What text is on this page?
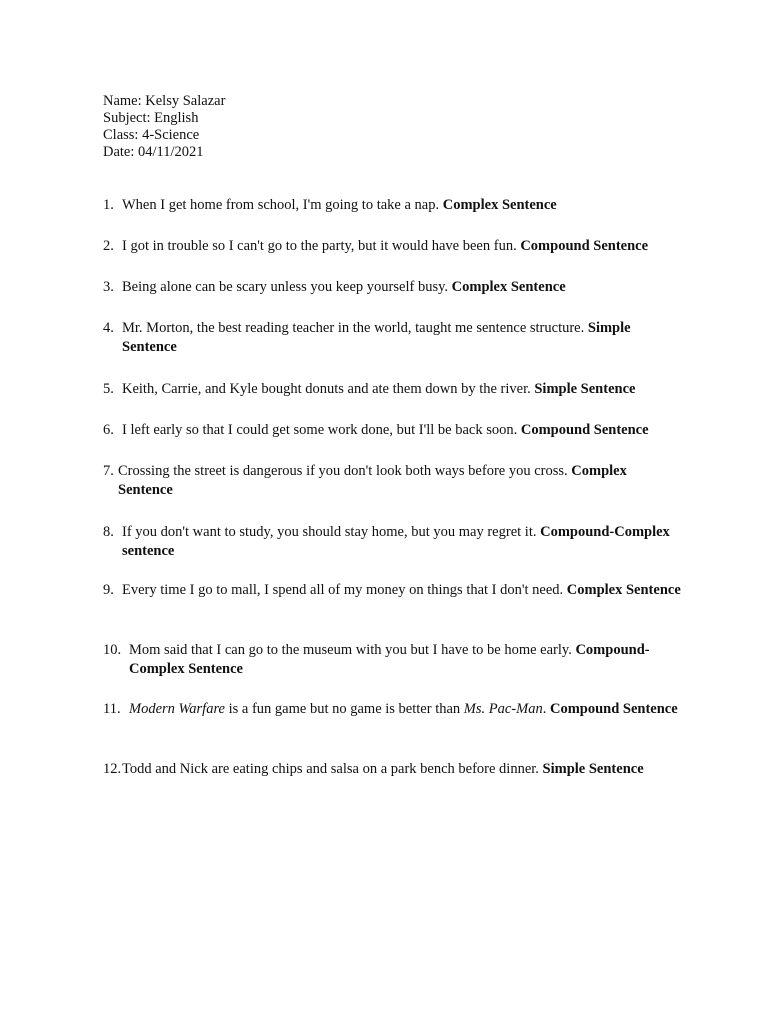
Name: Kelsy Salazar
Subject: English
Class: 4-Science
Date: 04/11/2021
1. When I get home from school, I'm going to take a nap. Complex Sentence
2. I got in trouble so I can't go to the party, but it would have been fun. Compound Sentence
3. Being alone can be scary unless you keep yourself busy. Complex Sentence
4. Mr. Morton, the best reading teacher in the world, taught me sentence structure. Simple Sentence
5. Keith, Carrie, and Kyle bought donuts and ate them down by the river. Simple Sentence
6. I left early so that I could get some work done, but I'll be back soon. Compound Sentence
7. Crossing the street is dangerous if you don't look both ways before you cross. Complex Sentence
8. If you don't want to study, you should stay home, but you may regret it. Compound-Complex sentence
9. Every time I go to mall, I spend all of my money on things that I don't need. Complex Sentence
10. Mom said that I can go to the museum with you but I have to be home early. Compound-Complex Sentence
11. Modern Warfare is a fun game but no game is better than Ms. Pac-Man. Compound Sentence
12. Todd and Nick are eating chips and salsa on a park bench before dinner. Simple Sentence
